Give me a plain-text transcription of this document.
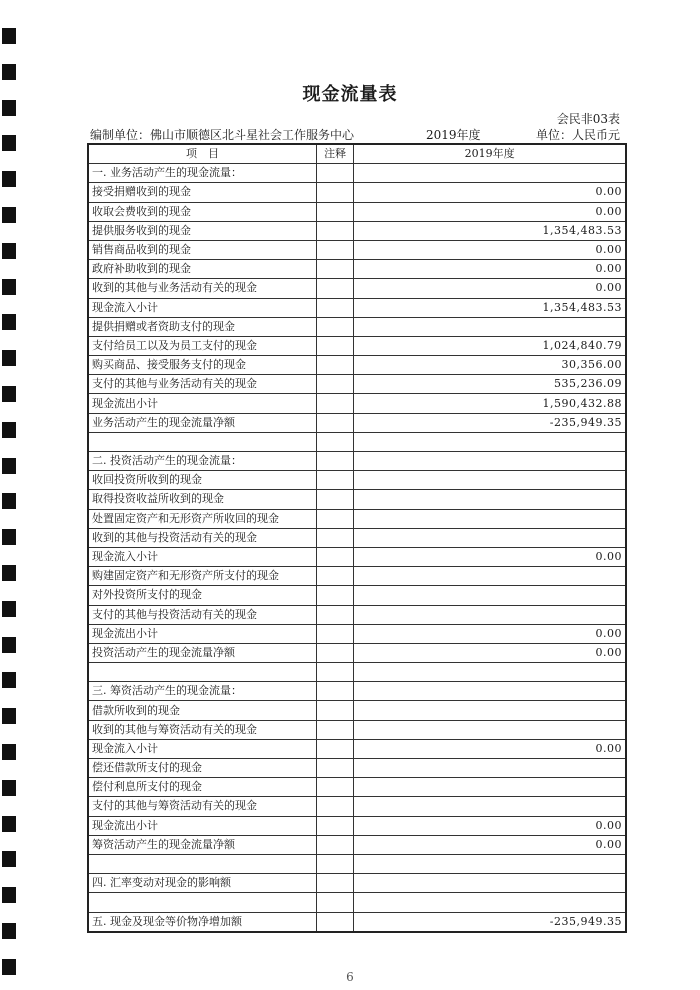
现金流量表
会民非03表
编制单位：佛山市顺德区北斗星社会工作服务中心	2019年度	单位：人民币元
项　目	注释	2019年度
一. 业务活动产生的现金流量：		
接受捐赠收到的现金		0.00
收取会费收到的现金		0.00
提供服务收到的现金		1,354,483.53
销售商品收到的现金		0.00
政府补助收到的现金		0.00
收到的其他与业务活动有关的现金		0.00
现金流入小计		1,354,483.53
提供捐赠或者资助支付的现金		
支付给员工以及为员工支付的现金		1,024,840.79
购买商品、接受服务支付的现金		30,356.00
支付的其他与业务活动有关的现金		535,236.09
现金流出小计		1,590,432.88
业务活动产生的现金流量净额		-235,949.35

二. 投资活动产生的现金流量：		
收回投资所收到的现金		
取得投资收益所收到的现金		
处置固定资产和无形资产所收回的现金		
收到的其他与投资活动有关的现金		
现金流入小计		0.00
购建固定资产和无形资产所支付的现金		
对外投资所支付的现金		
支付的其他与投资活动有关的现金		
现金流出小计		0.00
投资活动产生的现金流量净额		0.00

三. 筹资活动产生的现金流量：		
借款所收到的现金		
收到的其他与筹资活动有关的现金		
现金流入小计		0.00
偿还借款所支付的现金		
偿付利息所支付的现金		
支付的其他与筹资活动有关的现金		
现金流出小计		0.00
筹资活动产生的现金流量净额		0.00

四. 汇率变动对现金的影响额		

五. 现金及现金等价物净增加额		-235,949.35
6
